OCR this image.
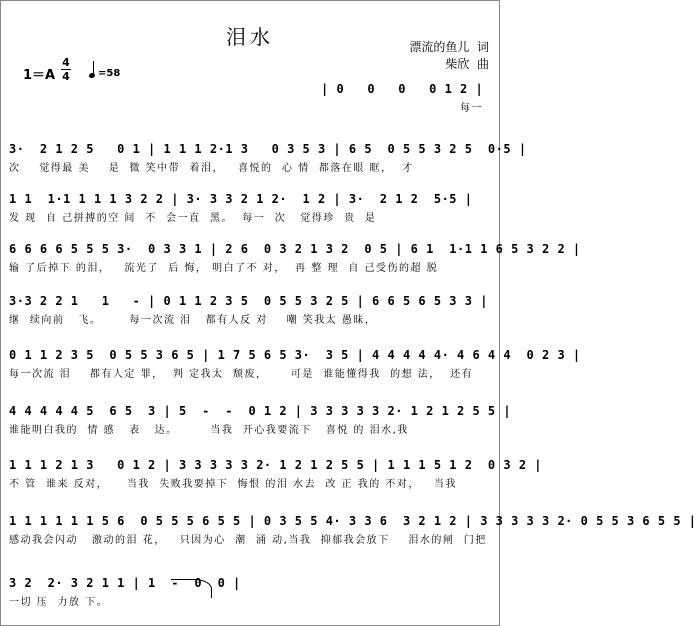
泪水	漂流的鱼儿  词
柴欣  曲
1＝A
4
4	=58
| 0   0   0   0 1 2 |
每一
3·  2 1 2 5   0 1 | 1 1 1 2·1 3   0 3 5 3 | 6 5  0 5 5 3 2 5  0·5 |
次    觉得最 美    是  微 笑中带  着泪，   喜悦的  心 情  都落在眼 眶，  才
1 1  1·1 1 1 1 3 2 2 | 3· 3 3 2 1 2·  1 2 | 3·  2 1 2  5·5 |
发 现  自 己拼搏的空 间  不  会一直  黑。  每一  次   觉得珍  贵  是
6 6 6 6 5 5 5 3·  0 3 3 1 | 2 6  0 3 2 1 3 2  0 5 | 6 1  1·1 1 6 5 3 2 2 |
输 了后掉下 的泪，   流光了  后 悔， 明白了不 对，  再 整 理  自 己受伤的超 脱
3·3 2 2 1   1   - | 0 1 1 2 3 5  0 5 5 3 2 5 | 6 6 5 6 5 3 3 |
继  续向前   飞。      每一次流 泪   都有人反 对    嘲 笑我太 愚昧，
0 1 1 2 3 5  0 5 5 3 6 5 | 1 7 5 6 5 3·  3 5 | 4 4 4 4 4· 4 6 4 4  0 2 3 |
每一次流 泪    都有人定 罪，  判 定我太  颓废，     可是  谁能懂得我  的想 法，  还有
4 4 4 4 4 5  6 5  3 | 5  -  -  0 1 2 | 3 3 3 3 3 2· 1 2 1 2 5 5 |
谁能明白我的  情 感   表   达。       当我  开心我要流下   喜悦 的 泪水,我
1 1 1 2 1 3   0 1 2 | 3 3 3 3 3 2· 1 2 1 2 5 5 | 1 1 1 5 1 2  0 3 2 |
不 管  谁来 反对，    当我  失败我要掉下  悔恨 的泪 水去  改 正 我的 不对，   当我
1 1 1 1 1 1 5 6  0 5 5 5 6 5 5 | 0 3 5 5 4· 3 3 6  3 2 1 2 | 3 3 3 3 3 2· 0 5 5 3 6 5 5 |
感动我会闪动   激动的泪 花，   只因为心  潮  涌 动,当我  抑郁我会放下    泪水的闸  门把
3 2  2· 3 2 1 1 | 1  -  0  0 |
一切 压  力放 下。
